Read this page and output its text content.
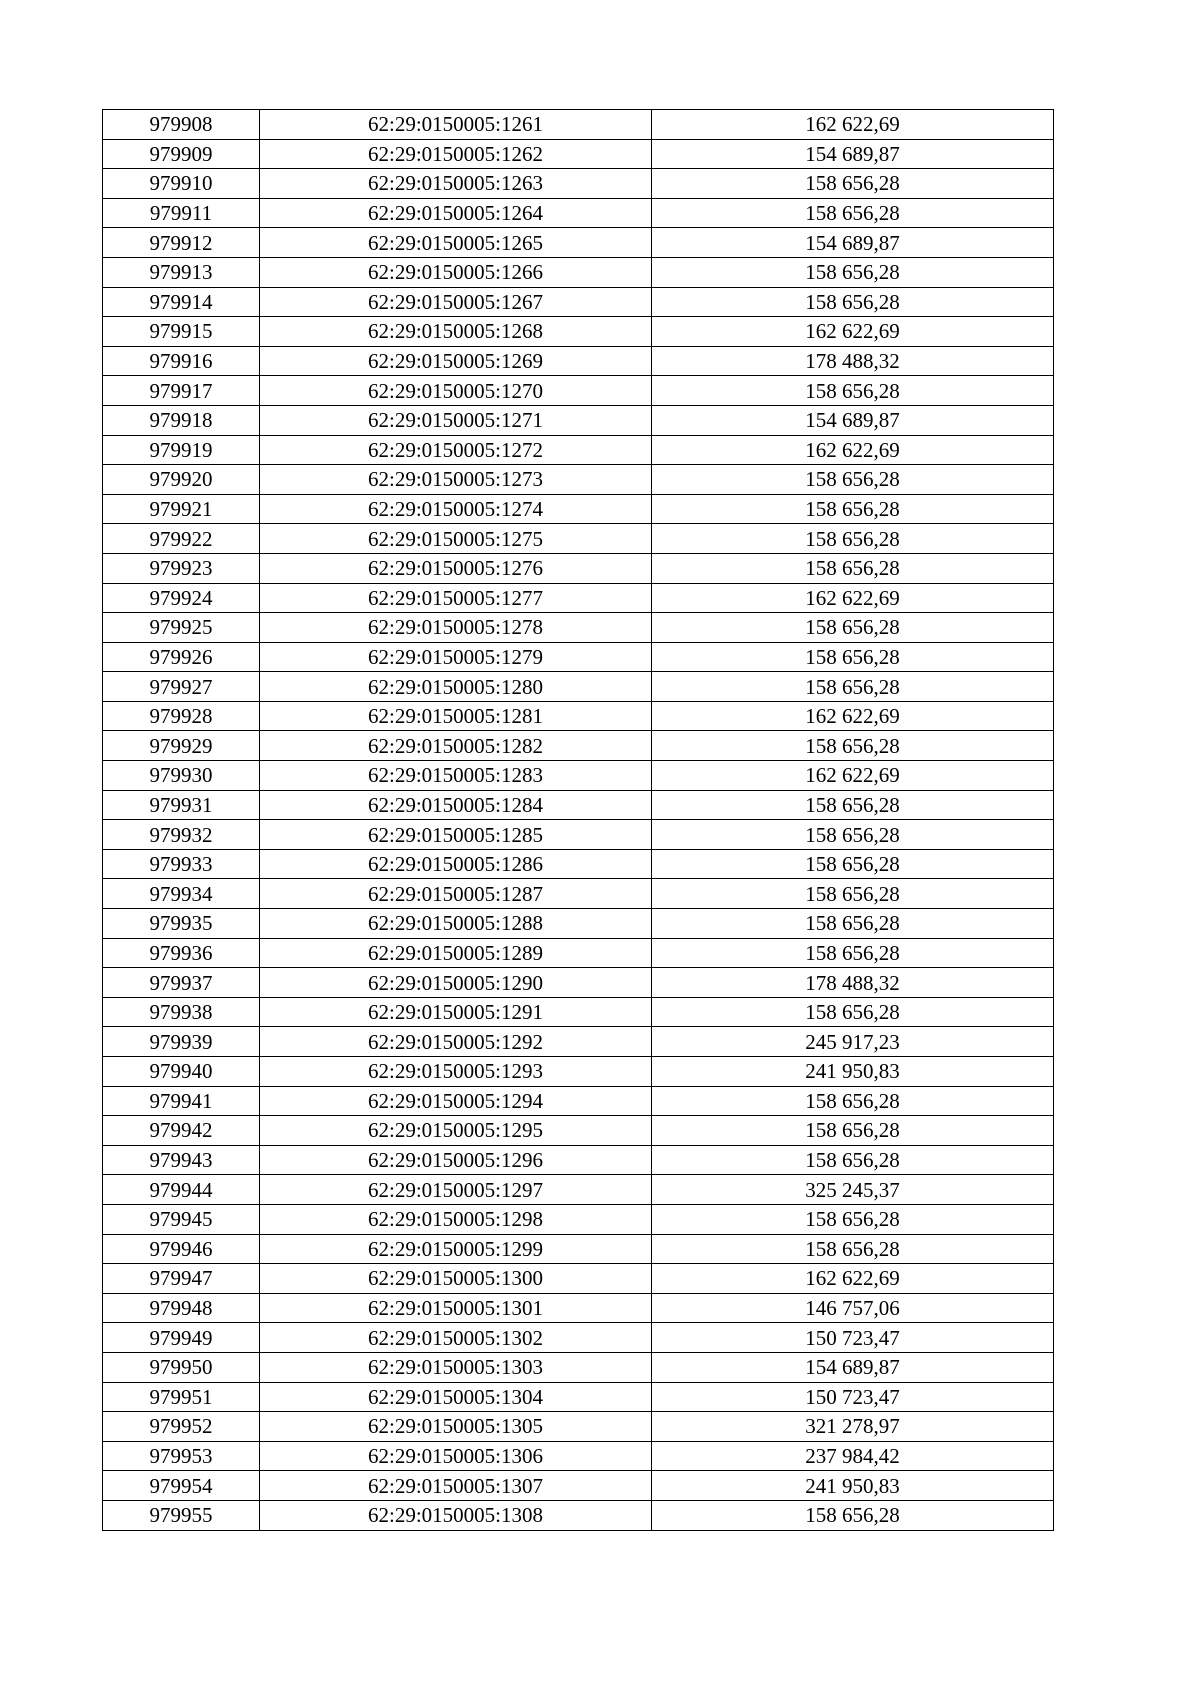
979908	62:29:0150005:1261	162 622,69
979909	62:29:0150005:1262	154 689,87
979910	62:29:0150005:1263	158 656,28
979911	62:29:0150005:1264	158 656,28
979912	62:29:0150005:1265	154 689,87
979913	62:29:0150005:1266	158 656,28
979914	62:29:0150005:1267	158 656,28
979915	62:29:0150005:1268	162 622,69
979916	62:29:0150005:1269	178 488,32
979917	62:29:0150005:1270	158 656,28
979918	62:29:0150005:1271	154 689,87
979919	62:29:0150005:1272	162 622,69
979920	62:29:0150005:1273	158 656,28
979921	62:29:0150005:1274	158 656,28
979922	62:29:0150005:1275	158 656,28
979923	62:29:0150005:1276	158 656,28
979924	62:29:0150005:1277	162 622,69
979925	62:29:0150005:1278	158 656,28
979926	62:29:0150005:1279	158 656,28
979927	62:29:0150005:1280	158 656,28
979928	62:29:0150005:1281	162 622,69
979929	62:29:0150005:1282	158 656,28
979930	62:29:0150005:1283	162 622,69
979931	62:29:0150005:1284	158 656,28
979932	62:29:0150005:1285	158 656,28
979933	62:29:0150005:1286	158 656,28
979934	62:29:0150005:1287	158 656,28
979935	62:29:0150005:1288	158 656,28
979936	62:29:0150005:1289	158 656,28
979937	62:29:0150005:1290	178 488,32
979938	62:29:0150005:1291	158 656,28
979939	62:29:0150005:1292	245 917,23
979940	62:29:0150005:1293	241 950,83
979941	62:29:0150005:1294	158 656,28
979942	62:29:0150005:1295	158 656,28
979943	62:29:0150005:1296	158 656,28
979944	62:29:0150005:1297	325 245,37
979945	62:29:0150005:1298	158 656,28
979946	62:29:0150005:1299	158 656,28
979947	62:29:0150005:1300	162 622,69
979948	62:29:0150005:1301	146 757,06
979949	62:29:0150005:1302	150 723,47
979950	62:29:0150005:1303	154 689,87
979951	62:29:0150005:1304	150 723,47
979952	62:29:0150005:1305	321 278,97
979953	62:29:0150005:1306	237 984,42
979954	62:29:0150005:1307	241 950,83
979955	62:29:0150005:1308	158 656,28
